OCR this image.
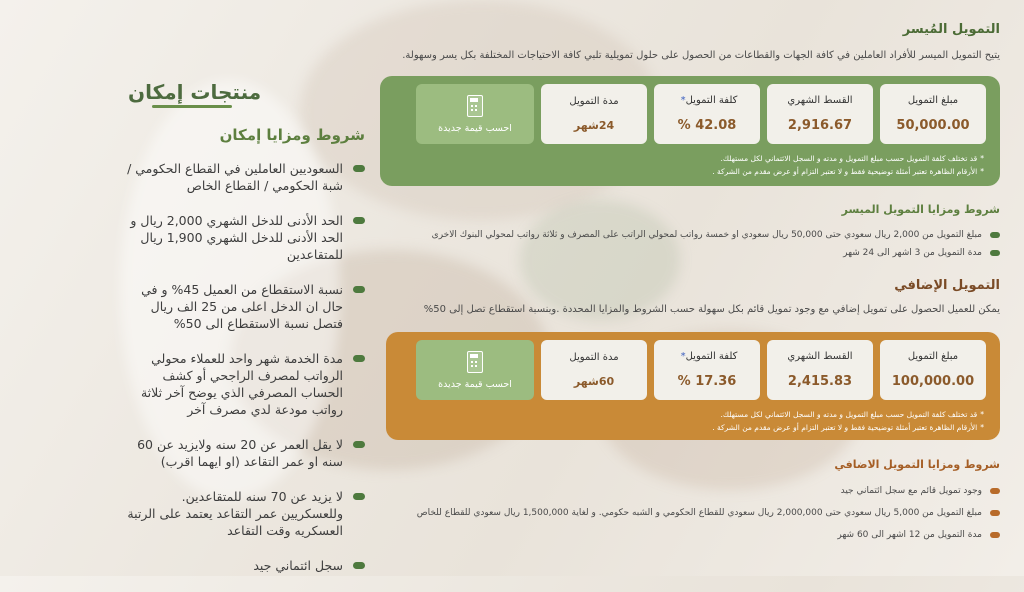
منتجات إمكان
شروط ومزايا إمكان
السعوديين العاملين في القطاع الحكومي / شبة الحكومي / القطاع الخاص
الحد الأدنى للدخل الشهري 2,000 ريال و الحد الأدنى للدخل الشهري 1,900 ريال للمتقاعدين
نسبة الاستقطاع من العميل 45% و في حال ان الدخل اعلى من 25 الف ريال فتصل نسبة الاستقطاع الى 50%
مدة الخدمة شهر واحد للعملاء محولي الرواتب لمصرف الراجحي أو كشف الحساب المصرفي الذي يوضح آخر ثلاثة رواتب مودعة لدي مصرف آخر
لا يقل العمر عن 20 سنه ولايزيد عن 60 سنه او عمر التقاعد (او ايهما اقرب)
لا يزيد عن 70 سنه للمتقاعدين. وللعسكريين عمر التقاعد يعتمد على الرتبة العسكريه وقت التقاعد
سجل ائتماني جيد

التمويل المُيسر

يتيح التمويل الميسر للأفراد العاملين في كافة الجهات والقطاعات من الحصول على حلول تمويلية تلبي كافة الاحتياجات المختلفة بكل يسر وسهولة.

مبلغ التمويل
50,000.00
القسط الشهري
2,916.67
كلفة التمويل*
42.08 %
مدة التمويل
24شهر
احسب قيمة جديدة
* قد تختلف كلفة التمويل حسب مبلغ التمويل و مدته و السجل الائتماني لكل مستهلك.
* الأرقام الظاهرة تعتبر أمثلة توضيحية فقط و لا تعتبر التزام أو عرض مقدم من الشركة .

شروط ومزايا التمويل الميسر

مبلغ التمويل من 2,000 ريال سعودي حتى 50,000 ريال سعودي او خمسة رواتب لمحولي الراتب على المصرف و ثلاثة رواتب لمحولي البنوك الاخرى
مدة التمويل من 3 اشهر الى 24 شهر

التمويل الإضافي

يمكن للعميل الحصول على تمويل إضافي مع وجود تمويل قائم بكل سهولة حسب الشروط والمزايا المحددة .وبنسبة استقطاع تصل إلى 50%

مبلغ التمويل
100,000.00
القسط الشهري
2,415.83
كلفة التمويل*
17.36 %
مدة التمويل
60شهر
احسب قيمة جديدة
* قد تختلف كلفة التمويل حسب مبلغ التمويل و مدته و السجل الائتماني لكل مستهلك.
* الأرقام الظاهرة تعتبر أمثلة توضيحية فقط و لا تعتبر التزام أو عرض مقدم من الشركة .

شروط ومزايا التمويل الاضافي

وجود تمويل قائم مع سجل ائتماني جيد
مبلغ التمويل من 5,000 ريال سعودي حتى 2,000,000 ريال سعودي للقطاع الحكومي و الشبه حكومي. و لغاية 1,500,000 ريال سعودي للقطاع للخاص
مدة التمويل من 12 اشهر الى 60 شهر
